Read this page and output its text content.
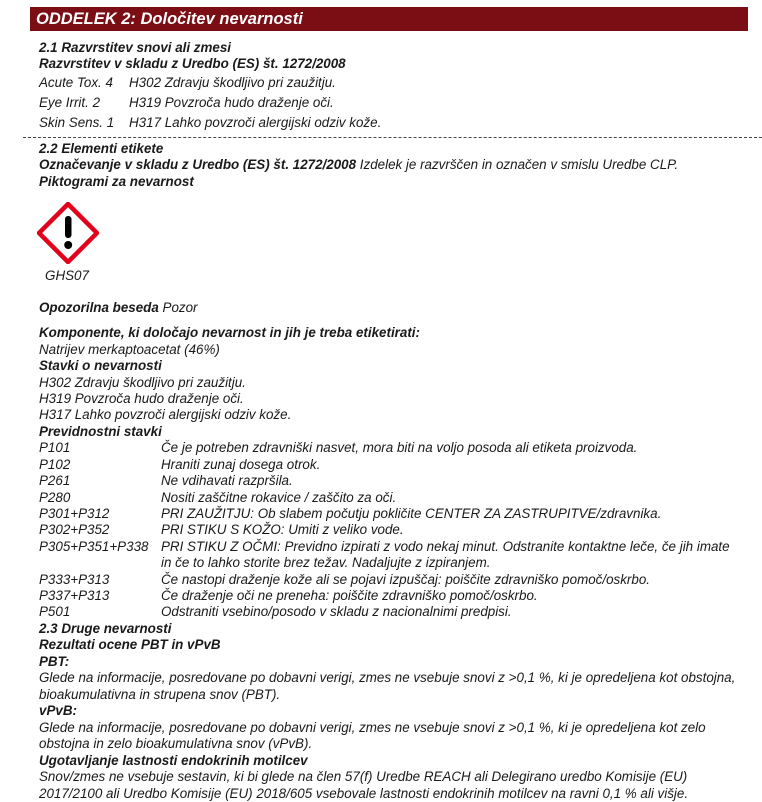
ODDELEK 2: Določitev nevarnosti
2.1 Razvrstitev snovi ali zmesi
Razvrstitev v skladu z Uredbo (ES) št. 1272/2008
Acute Tox. 4	H302 Zdravju škodljivo pri zaužitju.
Eye Irrit. 2	H319 Povzroča hudo draženje oči.
Skin Sens. 1	H317 Lahko povzroči alergijski odziv kože.
2.2 Elementi etikete
Označevanje v skladu z Uredbo (ES) št. 1272/2008 Izdelek je razvrščen in označen v smislu Uredbe CLP.
Piktogrami za nevarnost
GHS07
Opozorilna beseda Pozor
Komponente, ki določajo nevarnost in jih je treba etiketirati:
Natrijev merkaptoacetat (46%)
Stavki o nevarnosti
H302 Zdravju škodljivo pri zaužitju.
H319 Povzroča hudo draženje oči.
H317 Lahko povzroči alergijski odziv kože.
Previdnostni stavki
P101	Če je potreben zdravniški nasvet, mora biti na voljo posoda ali etiketa proizvoda.
P102	Hraniti zunaj dosega otrok.
P261	Ne vdihavati razpršila.
P280	Nositi zaščitne rokavice / zaščito za oči.
P301+P312	PRI ZAUŽITJU: Ob slabem počutju pokličite CENTER ZA ZASTRUPITVE/zdravnika.
P302+P352	PRI STIKU S KOŽO: Umiti z veliko vode.
P305+P351+P338 PRI STIKU Z OČMI: Previdno izpirati z vodo nekaj minut. Odstranite kontaktne leče, če jih imate in če to lahko storite brez težav. Nadaljujte z izpiranjem.
P333+P313	Če nastopi draženje kože ali se pojavi izpuščaj: poiščite zdravniško pomoč/oskrbo.
P337+P313	Če draženje oči ne preneha: poiščite zdravniško pomoč/oskrbo.
P501	Odstraniti vsebino/posodo v skladu z nacionalnimi predpisi.
2.3 Druge nevarnosti
Rezultati ocene PBT in vPvB
PBT:
Glede na informacije, posredovane po dobavni verigi, zmes ne vsebuje snovi z >0,1 %, ki je opredeljena kot obstojna, bioakumulativna in strupena snov (PBT).
vPvB:
Glede na informacije, posredovane po dobavni verigi, zmes ne vsebuje snovi z >0,1 %, ki je opredeljena kot zelo obstojna in zelo bioakumulativna snov (vPvB).
Ugotavljanje lastnosti endokrinih motilcev
Snov/zmes ne vsebuje sestavin, ki bi glede na člen 57(f) Uredbe REACH ali Delegirano uredbo Komisije (EU) 2017/2100 ali Uredbo Komisije (EU) 2018/605 vsebovale lastnosti endokrinih motilcev na ravni 0,1 % ali višje.
